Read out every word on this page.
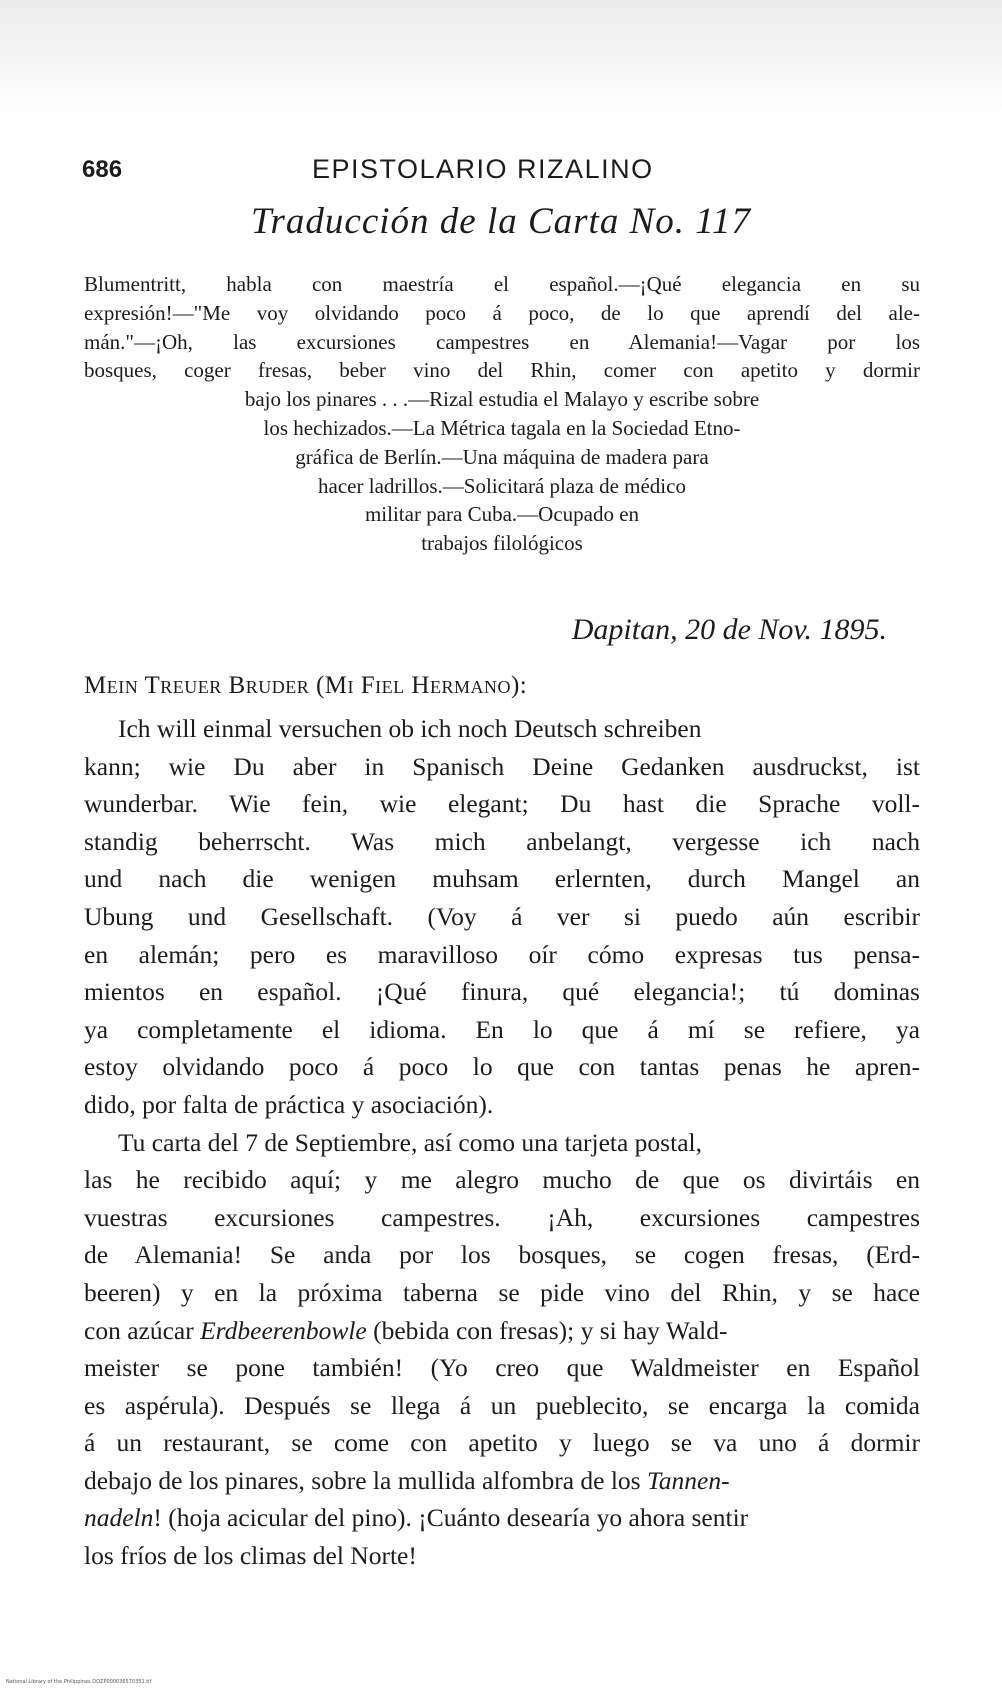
686	EPISTOLARIO RIZALINO
Traducción de la Carta No. 117
Blumentritt, habla con maestría el español.—¡Qué elegancia en su
expresión!—"Me voy olvidando poco á poco, de lo que aprendí del ale-
mán."—¡Oh, las excursiones campestres en Alemania!—Vagar por los
bosques, coger fresas, beber vino del Rhin, comer con apetito y dormir
bajo los pinares . . .—Rizal estudia el Malayo y escribe sobre
los hechizados.—La Métrica tagala en la Sociedad Etno-
gráfica de Berlín.—Una máquina de madera para
hacer ladrillos.—Solicitará plaza de médico
militar para Cuba.—Ocupado en
trabajos filológicos
Dapitan, 20 de Nov. 1895.
Mein Treuer Bruder (Mi Fiel Hermano):
Ich will einmal versuchen ob ich noch Deutsch schreiben
kann; wie Du aber in Spanisch Deine Gedanken ausdruckst, ist
wunderbar. Wie fein, wie elegant; Du hast die Sprache voll-
standig beherrscht. Was mich anbelangt, vergesse ich nach
und nach die wenigen muhsam erlernten, durch Mangel an
Ubung und Gesellschaft. (Voy á ver si puedo aún escribir
en alemán; pero es maravilloso oír cómo expresas tus pensa-
mientos en español. ¡Qué finura, qué elegancia!; tú dominas
ya completamente el idioma. En lo que á mí se refiere, ya
estoy olvidando poco á poco lo que con tantas penas he apren-
dido, por falta de práctica y asociación).
Tu carta del 7 de Septiembre, así como una tarjeta postal,
las he recibido aquí; y me alegro mucho de que os divirtáis en
vuestras excursiones campestres. ¡Ah, excursiones campestres
de Alemania! Se anda por los bosques, se cogen fresas, (Erd-
beeren) y en la próxima taberna se pide vino del Rhin, y se hace
con azúcar Erdbeerenbowle (bebida con fresas); y si hay Wald-
meister se pone también! (Yo creo que Waldmeister en Español
es aspérula). Después se llega á un pueblecito, se encarga la comida
á un restaurant, se come con apetito y luego se va uno á dormir
debajo de los pinares, sobre la mullida alfombra de los Tannen-
nadeln! (hoja acicular del pino). ¡Cuánto desearía yo ahora sentir
los fríos de los climas del Norte!
National Library of the Philippines DOZP000036570351.tif
